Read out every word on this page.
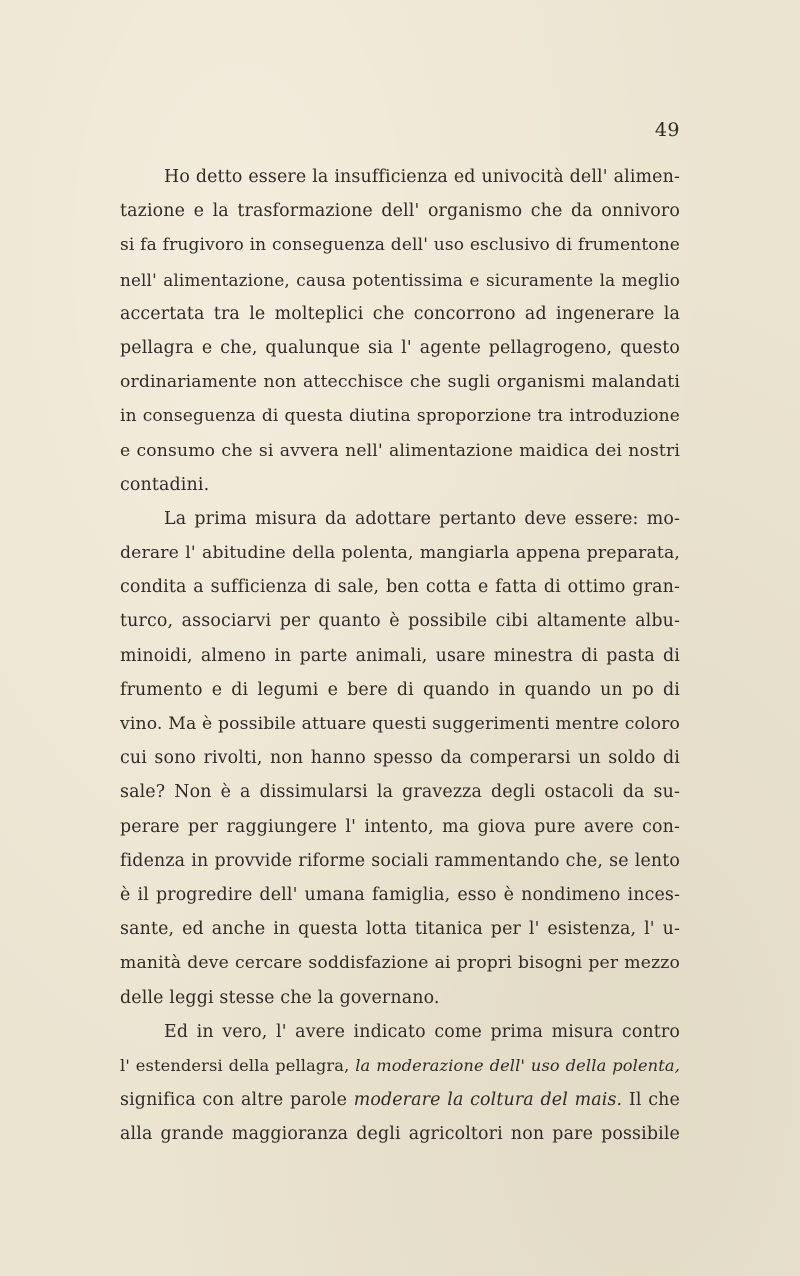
49
Ho detto essere la insufficienza ed univocità dell' alimen-
tazione e la trasformazione dell' organismo che da onnivoro
si fa frugivoro in conseguenza dell' uso esclusivo di frumentone
nell' alimentazione, causa potentissima e sicuramente la meglio
accertata tra le molteplici che concorrono ad ingenerare la
pellagra e che, qualunque sia l' agente pellagrogeno, questo
ordinariamente non attecchisce che sugli organismi malandati
in conseguenza di questa diutina sproporzione tra introduzione
e consumo che si avvera nell' alimentazione maidica dei nostri
contadini.
La prima misura da adottare pertanto deve essere: mo-
derare l' abitudine della polenta, mangiarla appena preparata,
condita a sufficienza di sale, ben cotta e fatta di ottimo gran-
turco, associarvi per quanto è possibile cibi altamente albu-
minoidi, almeno in parte animali, usare minestra di pasta di
frumento e di legumi e bere di quando in quando un po di
vino. Ma è possibile attuare questi suggerimenti mentre coloro
cui sono rivolti, non hanno spesso da comperarsi un soldo di
sale? Non è a dissimularsi la gravezza degli ostacoli da su-
perare per raggiungere l' intento, ma giova pure avere con-
fidenza in provvide riforme sociali rammentando che, se lento
è il progredire dell' umana famiglia, esso è nondimeno inces-
sante, ed anche in questa lotta titanica per l' esistenza, l' u-
manità deve cercare soddisfazione ai propri bisogni per mezzo
delle leggi stesse che la governano.
Ed in vero, l' avere indicato come prima misura contro
l' estendersi della pellagra, la moderazione dell' uso della polenta,
significa con altre parole moderare la coltura del mais. Il che
alla grande maggioranza degli agricoltori non pare possibile
